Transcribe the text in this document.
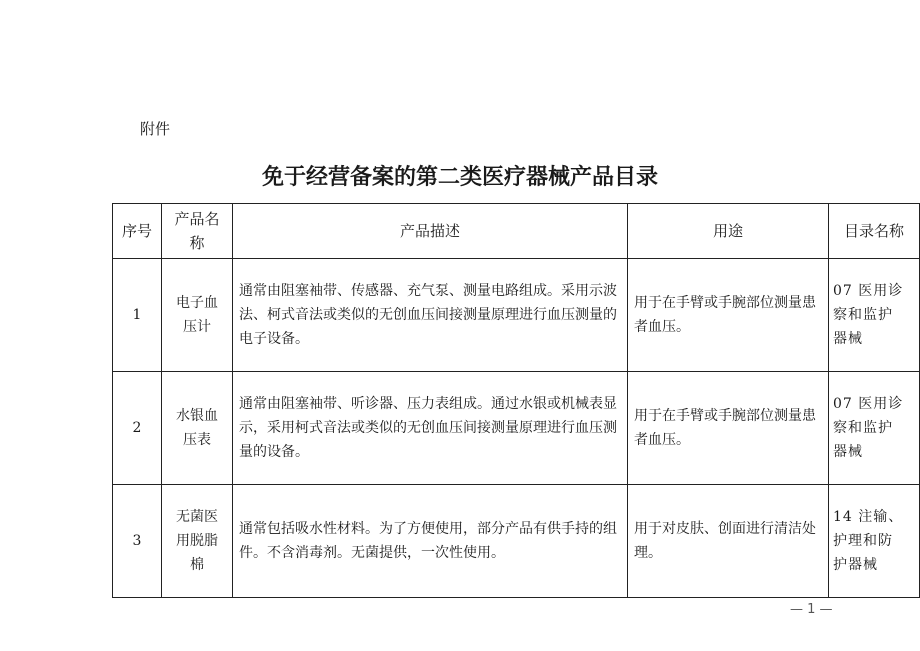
附件
免于经营备案的第二类医疗器械产品目录
序号	产品名称	产品描述	用途	目录名称
1	电子血压计	通常由阻塞袖带、传感器、充气泵、测量电路组成。采用示波法、柯式音法或类似的无创血压间接测量原理进行血压测量的电子设备。	用于在手臂或手腕部位测量患者血压。	07 医用诊察和监护器械
2	水银血压表	通常由阻塞袖带、听诊器、压力表组成。通过水银或机械表显示，采用柯式音法或类似的无创血压间接测量原理进行血压测量的设备。	用于在手臂或手腕部位测量患者血压。	07 医用诊察和监护器械
3	无菌医用脱脂棉	通常包括吸水性材料。为了方便使用，部分产品有供手持的组件。不含消毒剂。无菌提供，一次性使用。	用于对皮肤、创面进行清洁处理。	14 注输、护理和防护器械
— 1 —
